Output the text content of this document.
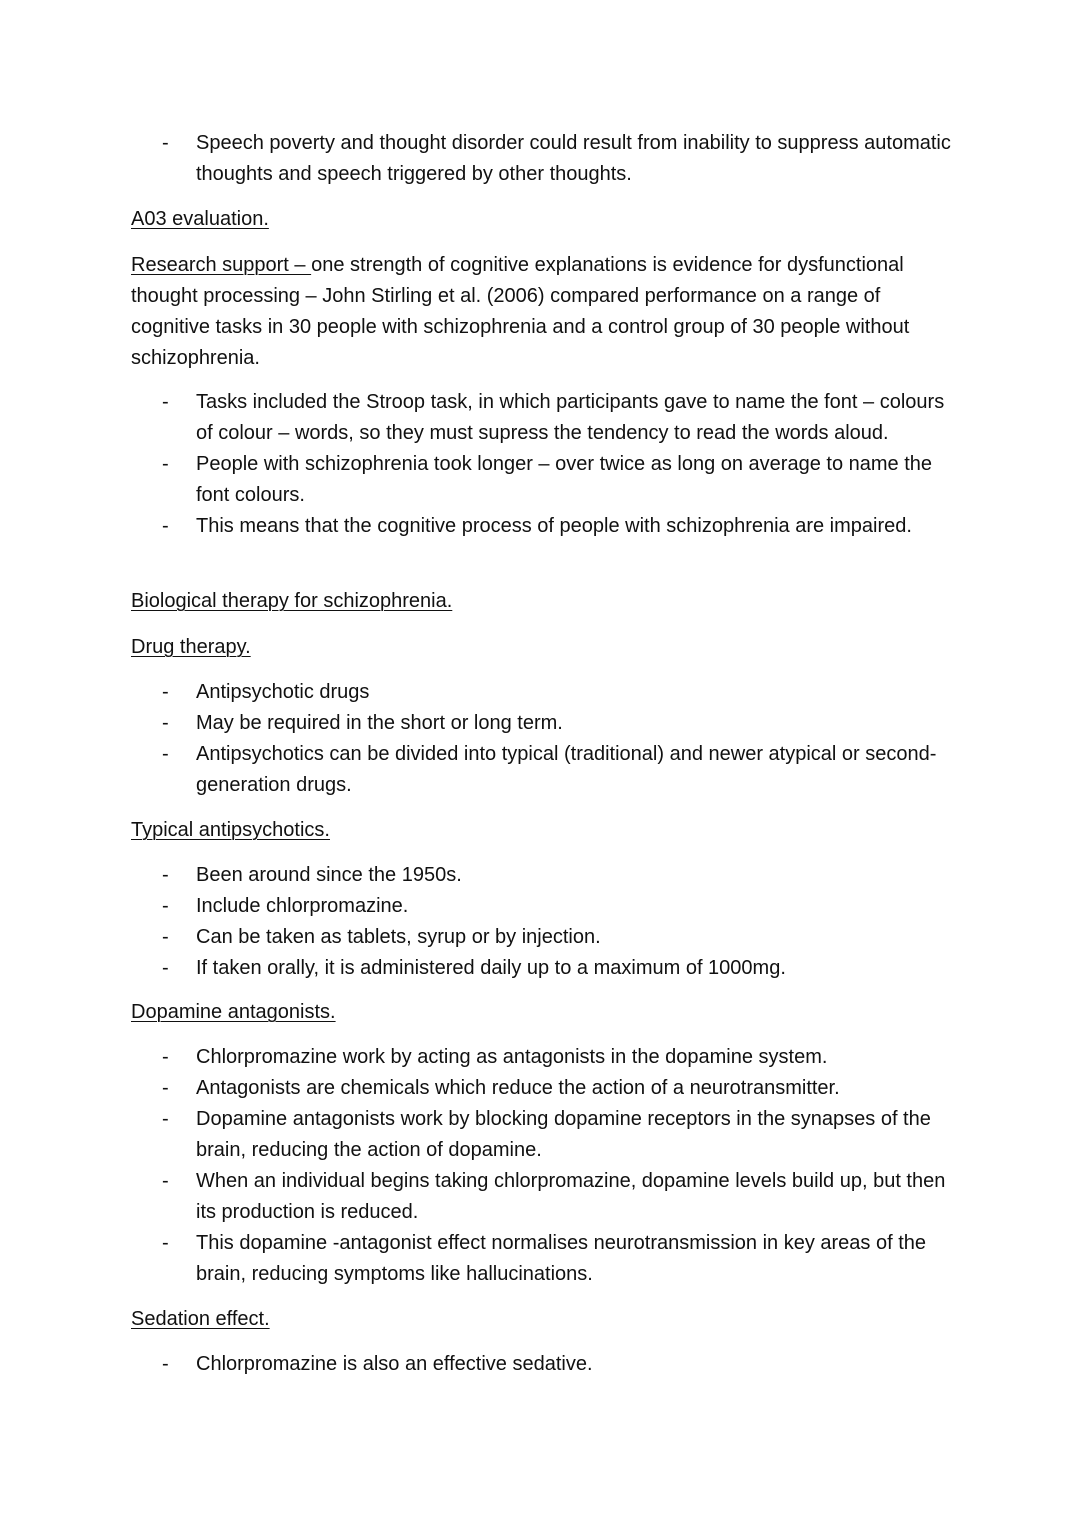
-	Speech poverty and thought disorder could result from inability to suppress automatic thoughts and speech triggered by other thoughts.
A03 evaluation.
Research support – one strength of cognitive explanations is evidence for dysfunctional thought processing – John Stirling et al. (2006) compared performance on a range of cognitive tasks in 30 people with schizophrenia and a control group of 30 people without schizophrenia.
-	Tasks included the Stroop task, in which participants gave to name the font – colours of colour – words, so they must supress the tendency to read the words aloud.
-	People with schizophrenia took longer – over twice as long on average to name the font colours.
-	This means that the cognitive process of people with schizophrenia are impaired.
Biological therapy for schizophrenia.
Drug therapy.
-	Antipsychotic drugs
-	May be required in the short or long term.
-	Antipsychotics can be divided into typical (traditional) and newer atypical or second-generation drugs.
Typical antipsychotics.
-	Been around since the 1950s.
-	Include chlorpromazine.
-	Can be taken as tablets, syrup or by injection.
-	If taken orally, it is administered daily up to a maximum of 1000mg.
Dopamine antagonists.
-	Chlorpromazine work by acting as antagonists in the dopamine system.
-	Antagonists are chemicals which reduce the action of a neurotransmitter.
-	Dopamine antagonists work by blocking dopamine receptors in the synapses of the brain, reducing the action of dopamine.
-	When an individual begins taking chlorpromazine, dopamine levels build up, but then its production is reduced.
-	This dopamine -antagonist effect normalises neurotransmission in key areas of the brain, reducing symptoms like hallucinations.
Sedation effect.
-	Chlorpromazine is also an effective sedative.
